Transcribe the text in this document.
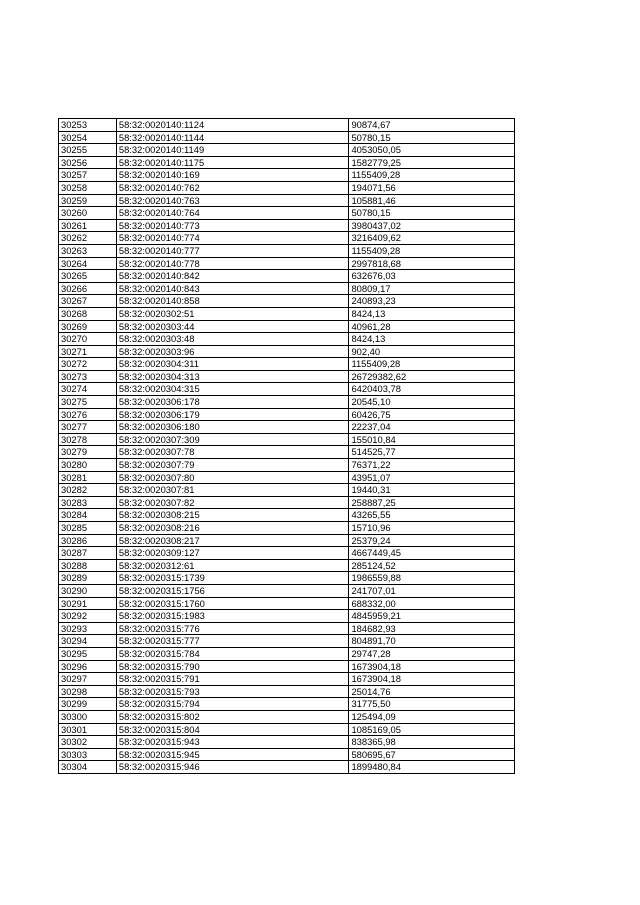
30253	58:32:0020140:1124	90874,67
30254	58:32:0020140:1144	50780,15
30255	58:32:0020140:1149	4053050,05
30256	58:32:0020140:1175	1582779,25
30257	58:32:0020140:169	1155409,28
30258	58:32:0020140:762	194071,56
30259	58:32:0020140:763	105881,46
30260	58:32:0020140:764	50780,15
30261	58:32:0020140:773	3980437,02
30262	58:32:0020140:774	3216409,62
30263	58:32:0020140:777	1155409,28
30264	58:32:0020140:778	2997818,68
30265	58:32:0020140:842	632676,03
30266	58:32:0020140:843	80809,17
30267	58:32:0020140:858	240893,23
30268	58:32:0020302:51	8424,13
30269	58:32:0020303:44	40961,28
30270	58:32:0020303:48	8424,13
30271	58:32:0020303:96	902,40
30272	58:32:0020304:311	1155409,28
30273	58:32:0020304:313	26729382,62
30274	58:32:0020304:315	6420403,78
30275	58:32:0020306:178	20545,10
30276	58:32:0020306:179	60426,75
30277	58:32:0020306:180	22237,04
30278	58:32:0020307:309	155010,84
30279	58:32:0020307:78	514525,77
30280	58:32:0020307:79	76371,22
30281	58:32:0020307:80	43951,07
30282	58:32:0020307:81	19440,31
30283	58:32:0020307:82	258887,25
30284	58:32:0020308:215	43265,55
30285	58:32:0020308:216	15710,96
30286	58:32:0020308:217	25379,24
30287	58:32:0020309:127	4667449,45
30288	58:32:0020312:61	285124,52
30289	58:32:0020315:1739	1986559,88
30290	58:32:0020315:1756	241707,01
30291	58:32:0020315:1760	688332,00
30292	58:32:0020315:1983	4845959,21
30293	58:32:0020315:776	184682,93
30294	58:32:0020315:777	804891,70
30295	58:32:0020315:784	29747,28
30296	58:32:0020315:790	1673904,18
30297	58:32:0020315:791	1673904,18
30298	58:32:0020315:793	25014,76
30299	58:32:0020315:794	31775,50
30300	58:32:0020315:802	125494,09
30301	58:32:0020315:804	1085169,05
30302	58:32:0020315:943	838365,98
30303	58:32:0020315:945	580695,67
30304	58:32:0020315:946	1899480,84
